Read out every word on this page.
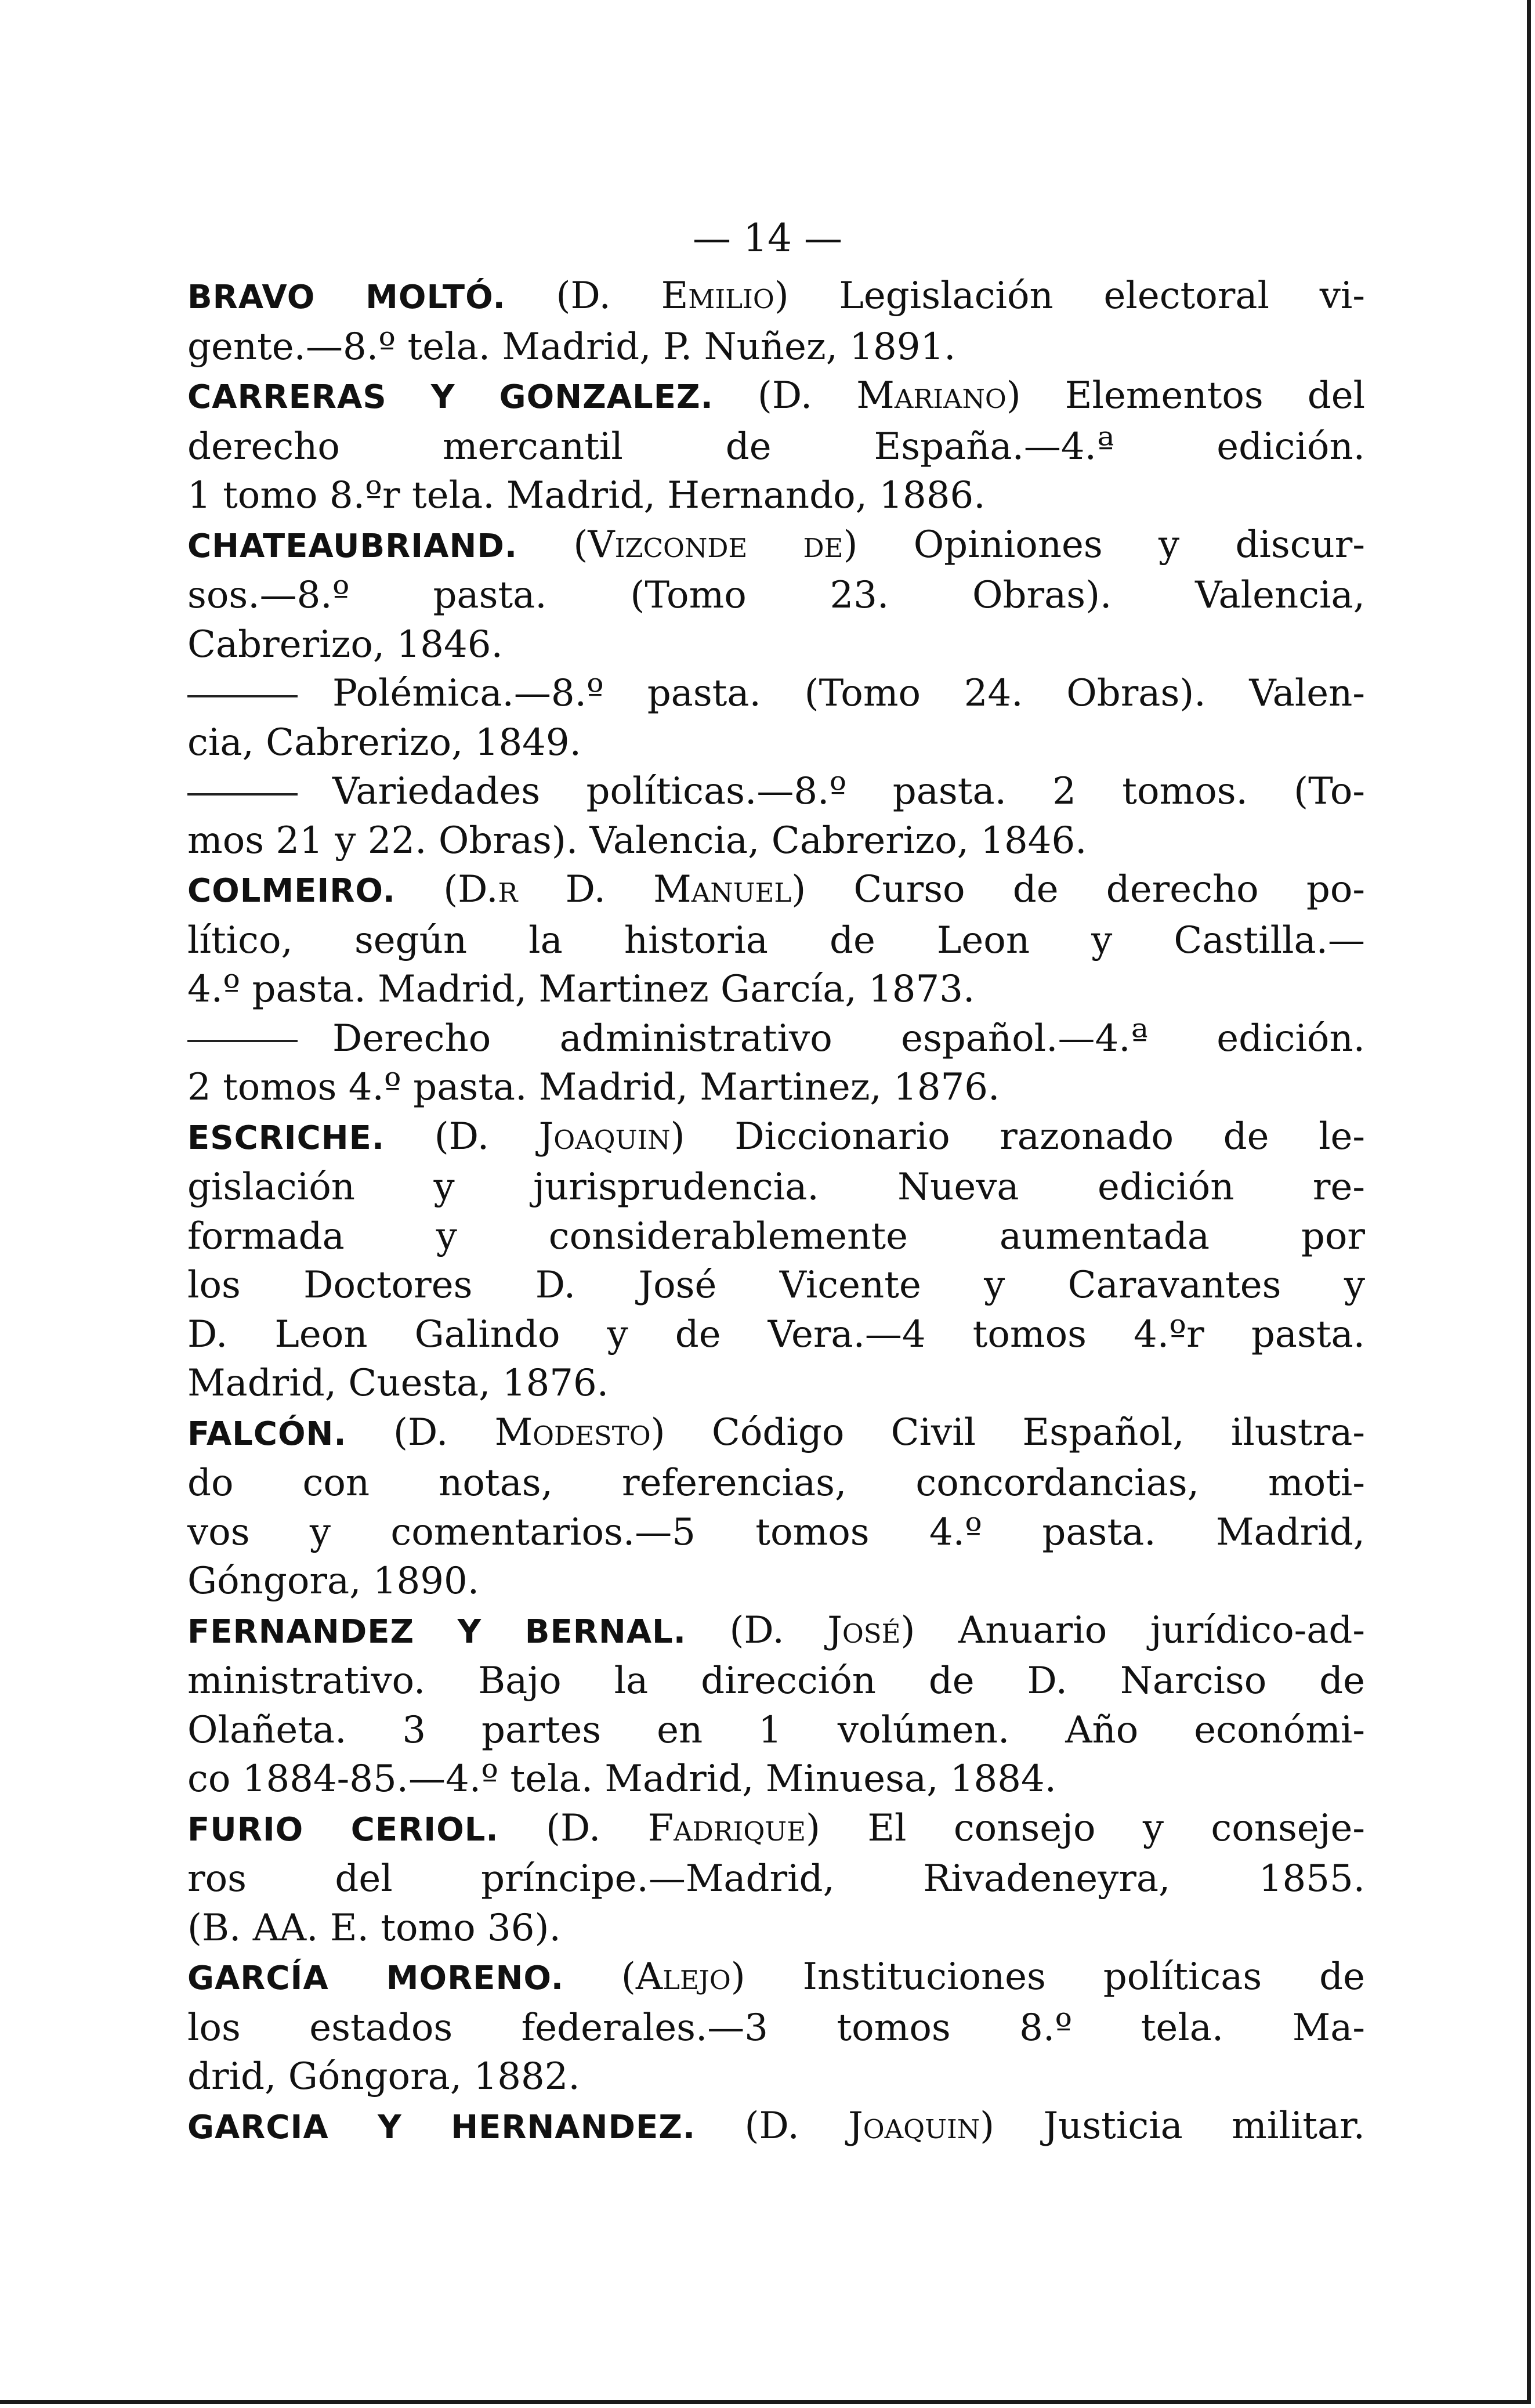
— 14 —
BRAVO MOLTÓ. (D. Emilio) Legislación electoral vi-
gente.—8.º tela. Madrid, P. Nuñez, 1891.
CARRERAS Y GONZALEZ. (D. Mariano) Elementos del
derecho mercantil de España.—4.ª edición.
1 tomo 8.ºr tela. Madrid, Hernando, 1886.
CHATEAUBRIAND. (Vizconde de) Opiniones y discur-
sos.—8.º pasta. (Tomo 23. Obras). Valencia,
Cabrerizo, 1846.
Polémica.—8.º pasta. (Tomo 24. Obras). Valen-
cia, Cabrerizo, 1849.
Variedades políticas.—8.º pasta. 2 tomos. (To-
mos 21 y 22. Obras). Valencia, Cabrerizo, 1846.
COLMEIRO. (D.r D. Manuel) Curso de derecho po-
lítico, según la historia de Leon y Castilla.—
4.º pasta. Madrid, Martinez García, 1873.
Derecho administrativo español.—4.ª edición.
2 tomos 4.º pasta. Madrid, Martinez, 1876.
ESCRICHE. (D. Joaquin) Diccionario razonado de le-
gislación y jurisprudencia. Nueva edición re-
formada y considerablemente aumentada por
los Doctores D. José Vicente y Caravantes y
D. Leon Galindo y de Vera.—4 tomos 4.ºr pasta.
Madrid, Cuesta, 1876.
FALCÓN. (D. Modesto) Código Civil Español, ilustra-
do con notas, referencias, concordancias, moti-
vos y comentarios.—5 tomos 4.º pasta. Madrid,
Góngora, 1890.
FERNANDEZ Y BERNAL. (D. José) Anuario jurídico-ad-
ministrativo. Bajo la dirección de D. Narciso de
Olañeta. 3 partes en 1 volúmen. Año económi-
co 1884-85.—4.º tela. Madrid, Minuesa, 1884.
FURIO CERIOL. (D. Fadrique) El consejo y conseje-
ros del príncipe.—Madrid, Rivadeneyra, 1855.
(B. AA. E. tomo 36).
GARCÍA MORENO. (Alejo) Instituciones políticas de
los estados federales.—3 tomos 8.º tela. Ma-
drid, Góngora, 1882.
GARCIA Y HERNANDEZ. (D. Joaquin) Justicia militar.
